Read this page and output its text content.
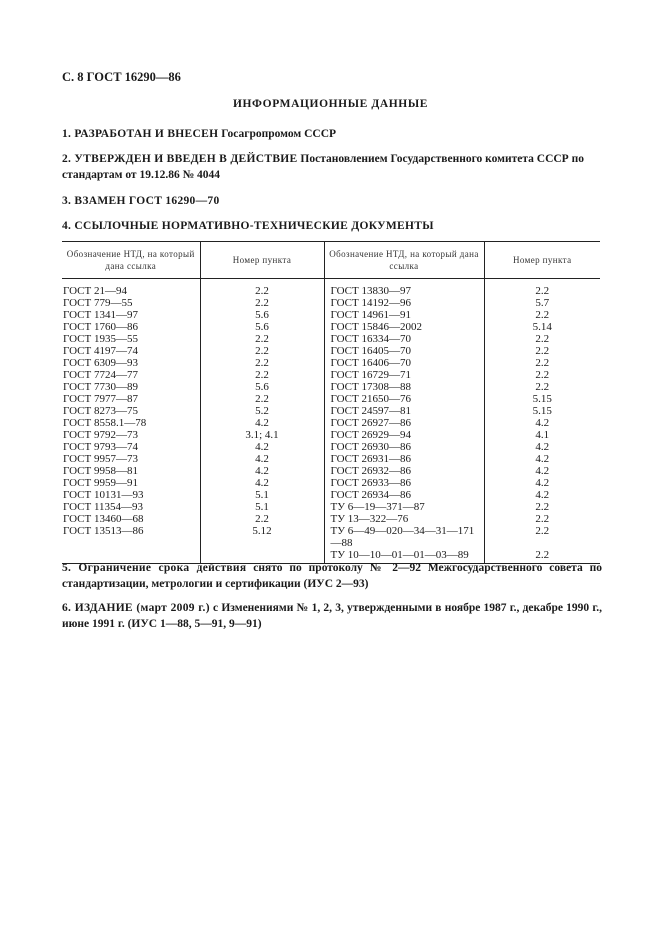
С. 8 ГОСТ 16290—86
ИНФОРМАЦИОННЫЕ ДАННЫЕ
1. РАЗРАБОТАН И ВНЕСЕН Госагропромом СССР
2. УТВЕРЖДЕН И ВВЕДЕН В ДЕЙСТВИЕ Постановлением Государственного комитета СССР по стандартам от 19.12.86 № 4044
3. ВЗАМЕН ГОСТ 16290—70
4. ССЫЛОЧНЫЕ НОРМАТИВНО-ТЕХНИЧЕСКИЕ ДОКУМЕНТЫ
Обозначение НТД, на который дана ссылка	Номер пункта	Обозначение НТД, на который дана ссылка	Номер пункта

ГОСТ 21—94	2.2	ГОСТ 13830—97	2.2
ГОСТ 779—55	2.2	ГОСТ 14192—96	5.7
ГОСТ 1341—97	5.6	ГОСТ 14961—91	2.2
ГОСТ 1760—86	5.6	ГОСТ 15846—2002	5.14
ГОСТ 1935—55	2.2	ГОСТ 16334—70	2.2
ГОСТ 4197—74	2.2	ГОСТ 16405—70	2.2
ГОСТ 6309—93	2.2	ГОСТ 16406—70	2.2
ГОСТ 7724—77	2.2	ГОСТ 16729—71	2.2
ГОСТ 7730—89	5.6	ГОСТ 17308—88	2.2
ГОСТ 7977—87	2.2	ГОСТ 21650—76	5.15
ГОСТ 8273—75	5.2	ГОСТ 24597—81	5.15
ГОСТ 8558.1—78	4.2	ГОСТ 26927—86	4.2
ГОСТ 9792—73	3.1; 4.1	ГОСТ 26929—94	4.1
ГОСТ 9793—74	4.2	ГОСТ 26930—86	4.2
ГОСТ 9957—73	4.2	ГОСТ 26931—86	4.2
ГОСТ 9958—81	4.2	ГОСТ 26932—86	4.2
ГОСТ 9959—91	4.2	ГОСТ 26933—86	4.2
ГОСТ 10131—93	5.1	ГОСТ 26934—86	4.2
ГОСТ 11354—93	5.1	ТУ 6—19—371—87	2.2
ГОСТ 13460—68	2.2	ТУ 13—322—76	2.2
ГОСТ 13513—86	5.12	ТУ 6—49—020—34—31—171—88	2.2
		ТУ 10—10—01—01—03—89	2.2
5. Ограничение срока действия снято по протоколу № 2—92 Межгосударственного совета по стандартизации, метрологии и сертификации (ИУС 2—93)
6. ИЗДАНИЕ (март 2009 г.) с Изменениями № 1, 2, 3, утвержденными в ноябре 1987 г., декабре 1990 г., июне 1991 г. (ИУС 1—88, 5—91, 9—91)
